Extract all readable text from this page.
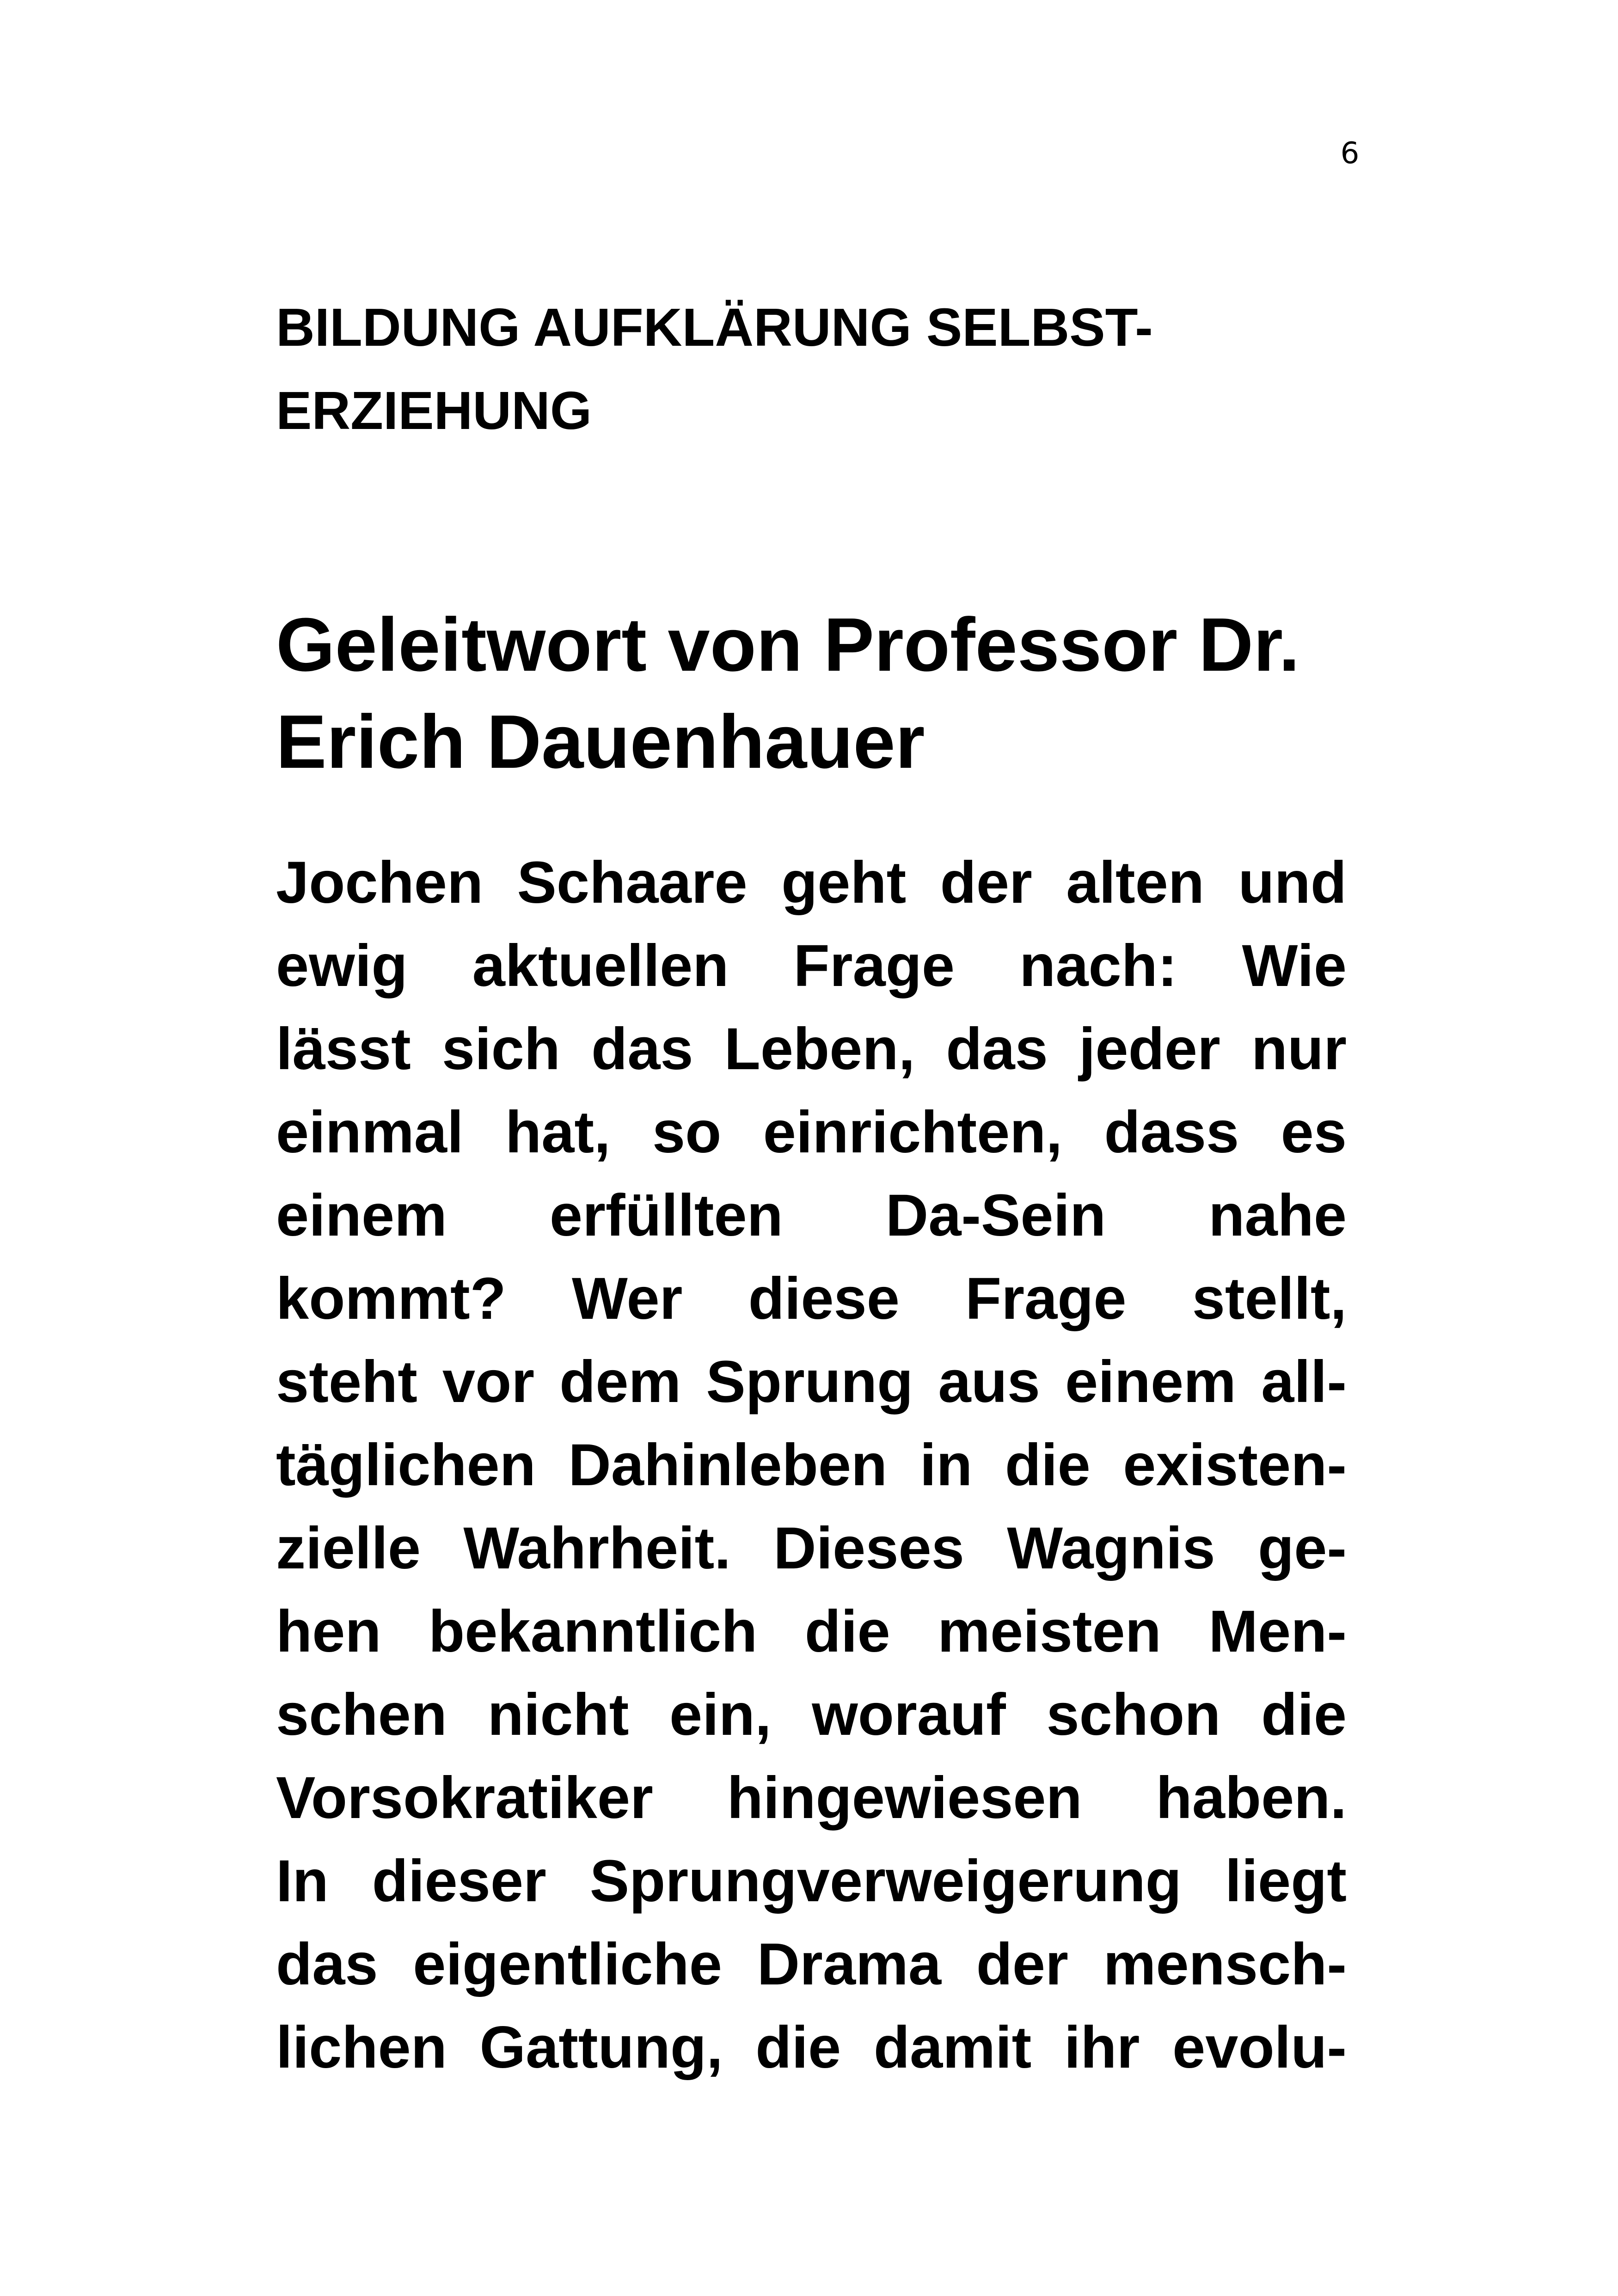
6
BILDUNG AUFKLÄRUNG SELBST-
ERZIEHUNG
Geleitwort von Professor Dr.
Erich Dauenhauer
Jochen Schaare geht der alten und
ewig aktuellen Frage nach: Wie
lässt sich das Leben, das jeder nur
einmal hat, so einrichten, dass es
einem erfüllten Da-Sein nahe
kommt? Wer diese Frage stellt,
steht vor dem Sprung aus einem all-
täglichen Dahinleben in die existen-
zielle Wahrheit. Dieses Wagnis ge-
hen bekanntlich die meisten Men-
schen nicht ein, worauf schon die
Vorsokratiker hingewiesen haben.
In dieser Sprungverweigerung liegt
das eigentliche Drama der mensch-
lichen Gattung, die damit ihr evolu-
